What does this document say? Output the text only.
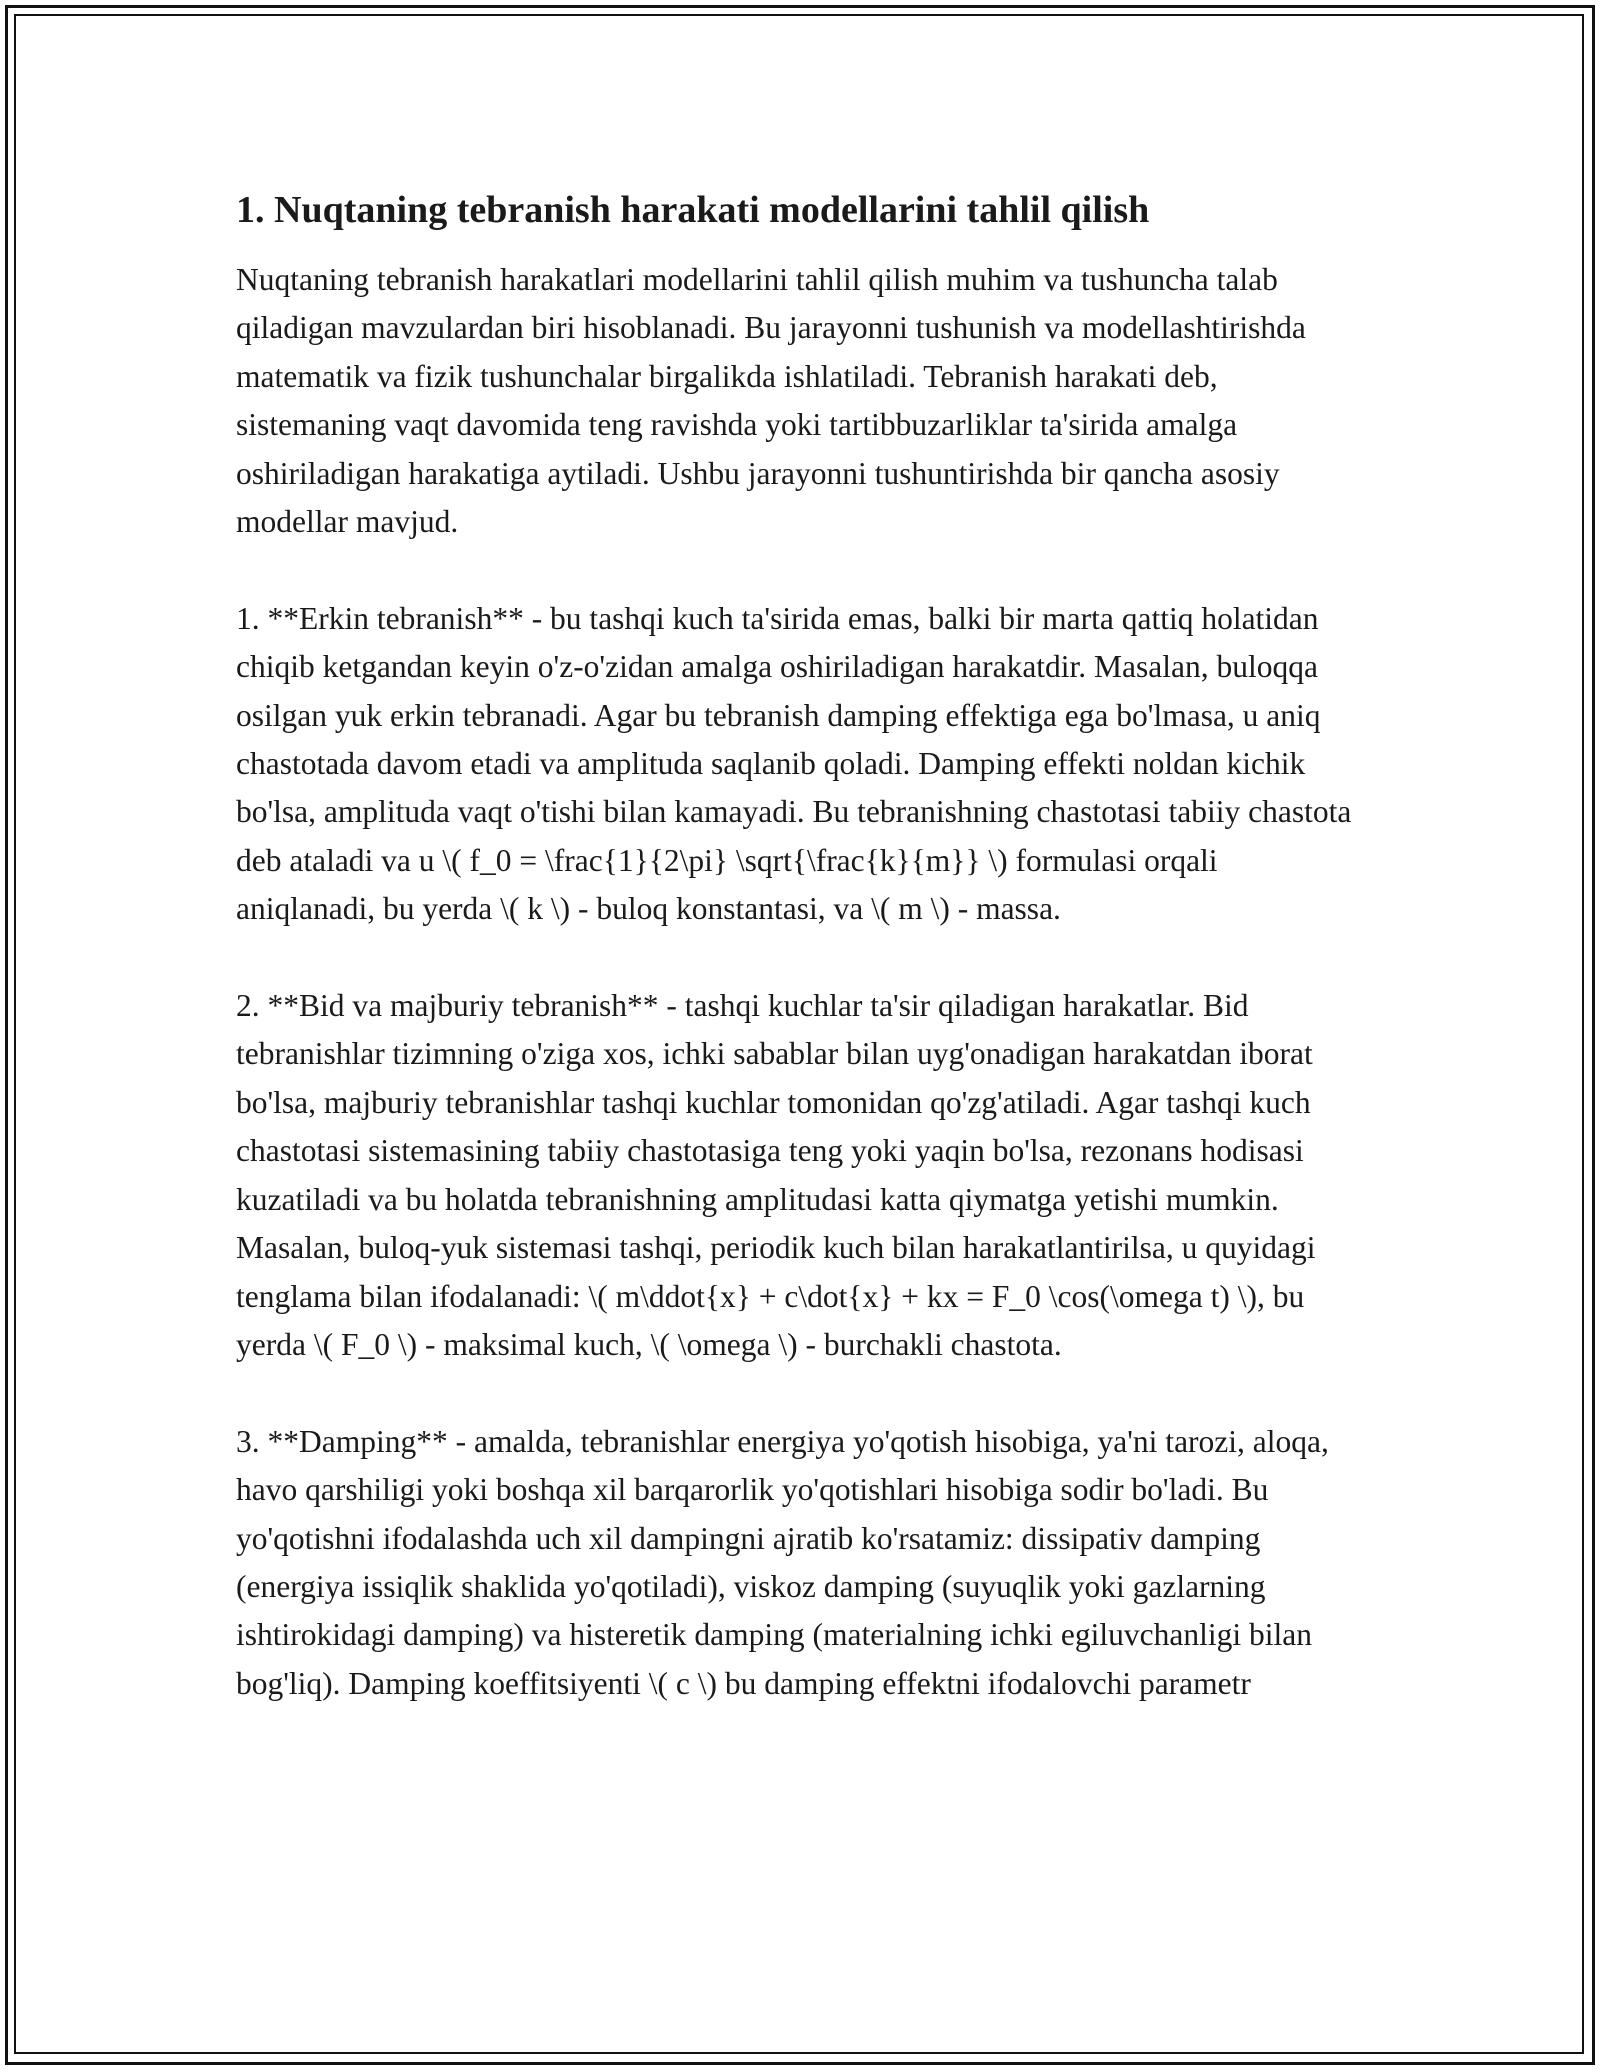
1. Nuqtaning tebranish harakati modellarini tahlil qilish

Nuqtaning tebranish harakatlari modellarini tahlil qilish muhim va tushuncha talab qiladigan mavzulardan biri hisoblanadi. Bu jarayonni tushunish va modellashtirishda matematik va fizik tushunchalar birgalikda ishlatiladi. Tebranish harakati deb, sistemaning vaqt davomida teng ravishda yoki tartibbuzarliklar ta'sirida amalga oshiriladigan harakatiga aytiladi. Ushbu jarayonni tushuntirishda bir qancha asosiy modellar mavjud.

1. **Erkin tebranish** - bu tashqi kuch ta'sirida emas, balki bir marta qattiq holatidan chiqib ketgandan keyin o'z-o'zidan amalga oshiriladigan harakatdir. Masalan, buloqqa osilgan yuk erkin tebranadi. Agar bu tebranish damping effektiga ega bo'lmasa, u aniq chastotada davom etadi va amplituda saqlanib qoladi. Damping effekti noldan kichik bo'lsa, amplituda vaqt o'tishi bilan kamayadi. Bu tebranishning chastotasi tabiiy chastota deb ataladi va u \( f_0 = \frac{1}{2\pi} \sqrt{\frac{k}{m}} \) formulasi orqali aniqlanadi, bu yerda \( k \) - buloq konstantasi, va \( m \) - massa.

2. **Bid va majburiy tebranish** - tashqi kuchlar ta'sir qiladigan harakatlar. Bid tebranishlar tizimning o'ziga xos, ichki sabablar bilan uyg'onadigan harakatdan iborat bo'lsa, majburiy tebranishlar tashqi kuchlar tomonidan qo'zg'atiladi. Agar tashqi kuch chastotasi sistemasining tabiiy chastotasiga teng yoki yaqin bo'lsa, rezonans hodisasi kuzatiladi va bu holatda tebranishning amplitudasi katta qiymatga yetishi mumkin. Masalan, buloq-yuk sistemasi tashqi, periodik kuch bilan harakatlantirilsa, u quyidagi tenglama bilan ifodalanadi: \( m\ddot{x} + c\dot{x} + kx = F_0 \cos(\omega t) \), bu yerda \( F_0 \) - maksimal kuch, \( \omega \) - burchakli chastota.

3. **Damping** - amalda, tebranishlar energiya yo'qotish hisobiga, ya'ni tarozi, aloqa, havo qarshiligi yoki boshqa xil barqarorlik yo'qotishlari hisobiga sodir bo'ladi. Bu yo'qotishni ifodalashda uch xil dampingni ajratib ko'rsatamiz: dissipativ damping (energiya issiqlik shaklida yo'qotiladi), viskoz damping (suyuqlik yoki gazlarning ishtirokidagi damping) va histeretik damping (materialning ichki egiluvchanligi bilan bog'liq). Damping koeffitsiyenti \( c \) bu damping effektni ifodalovchi parametr
